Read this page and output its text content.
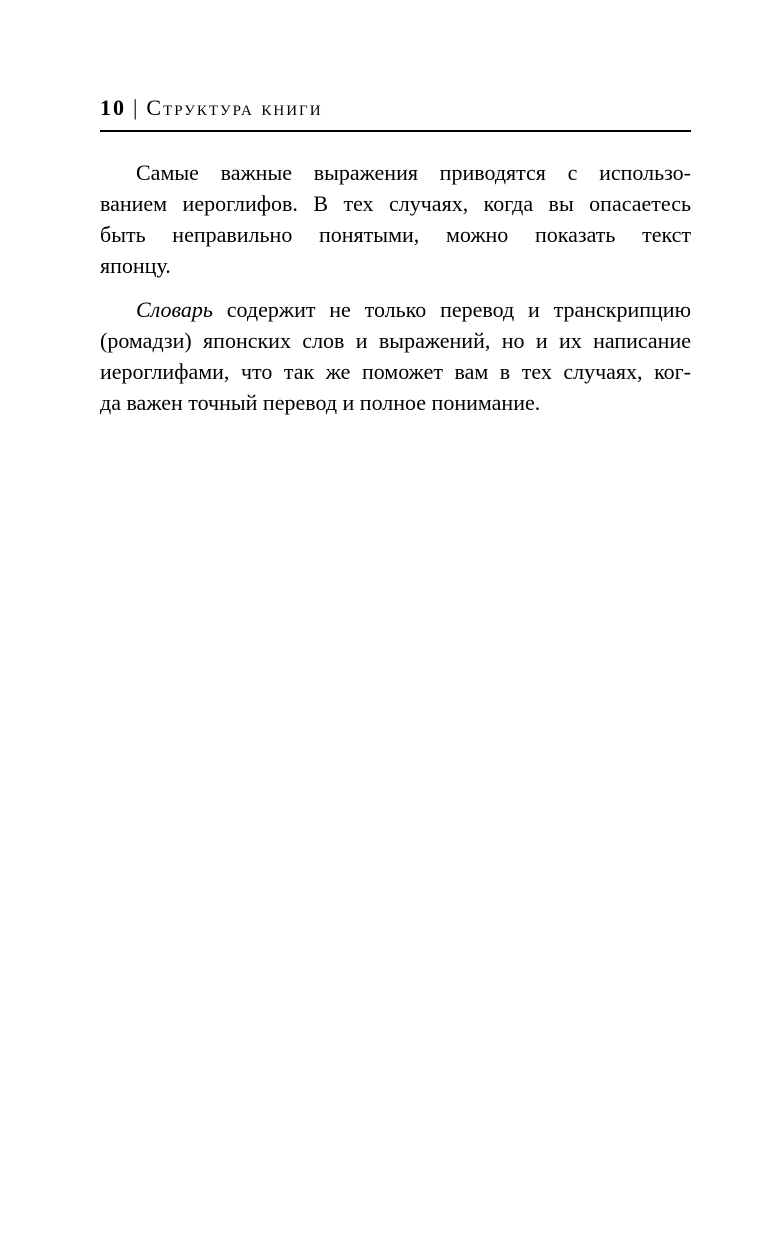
10 | Структура книги
Самые важные выражения приводятся с использо-
ванием иероглифов. В тех случаях, когда вы опасаетесь
быть неправильно понятыми, можно показать текст
японцу.
Словарь содержит не только перевод и транскрипцию
(ромадзи) японских слов и выражений, но и их написание
иероглифами, что так же поможет вам в тех случаях, ког-
да важен точный перевод и полное понимание.
